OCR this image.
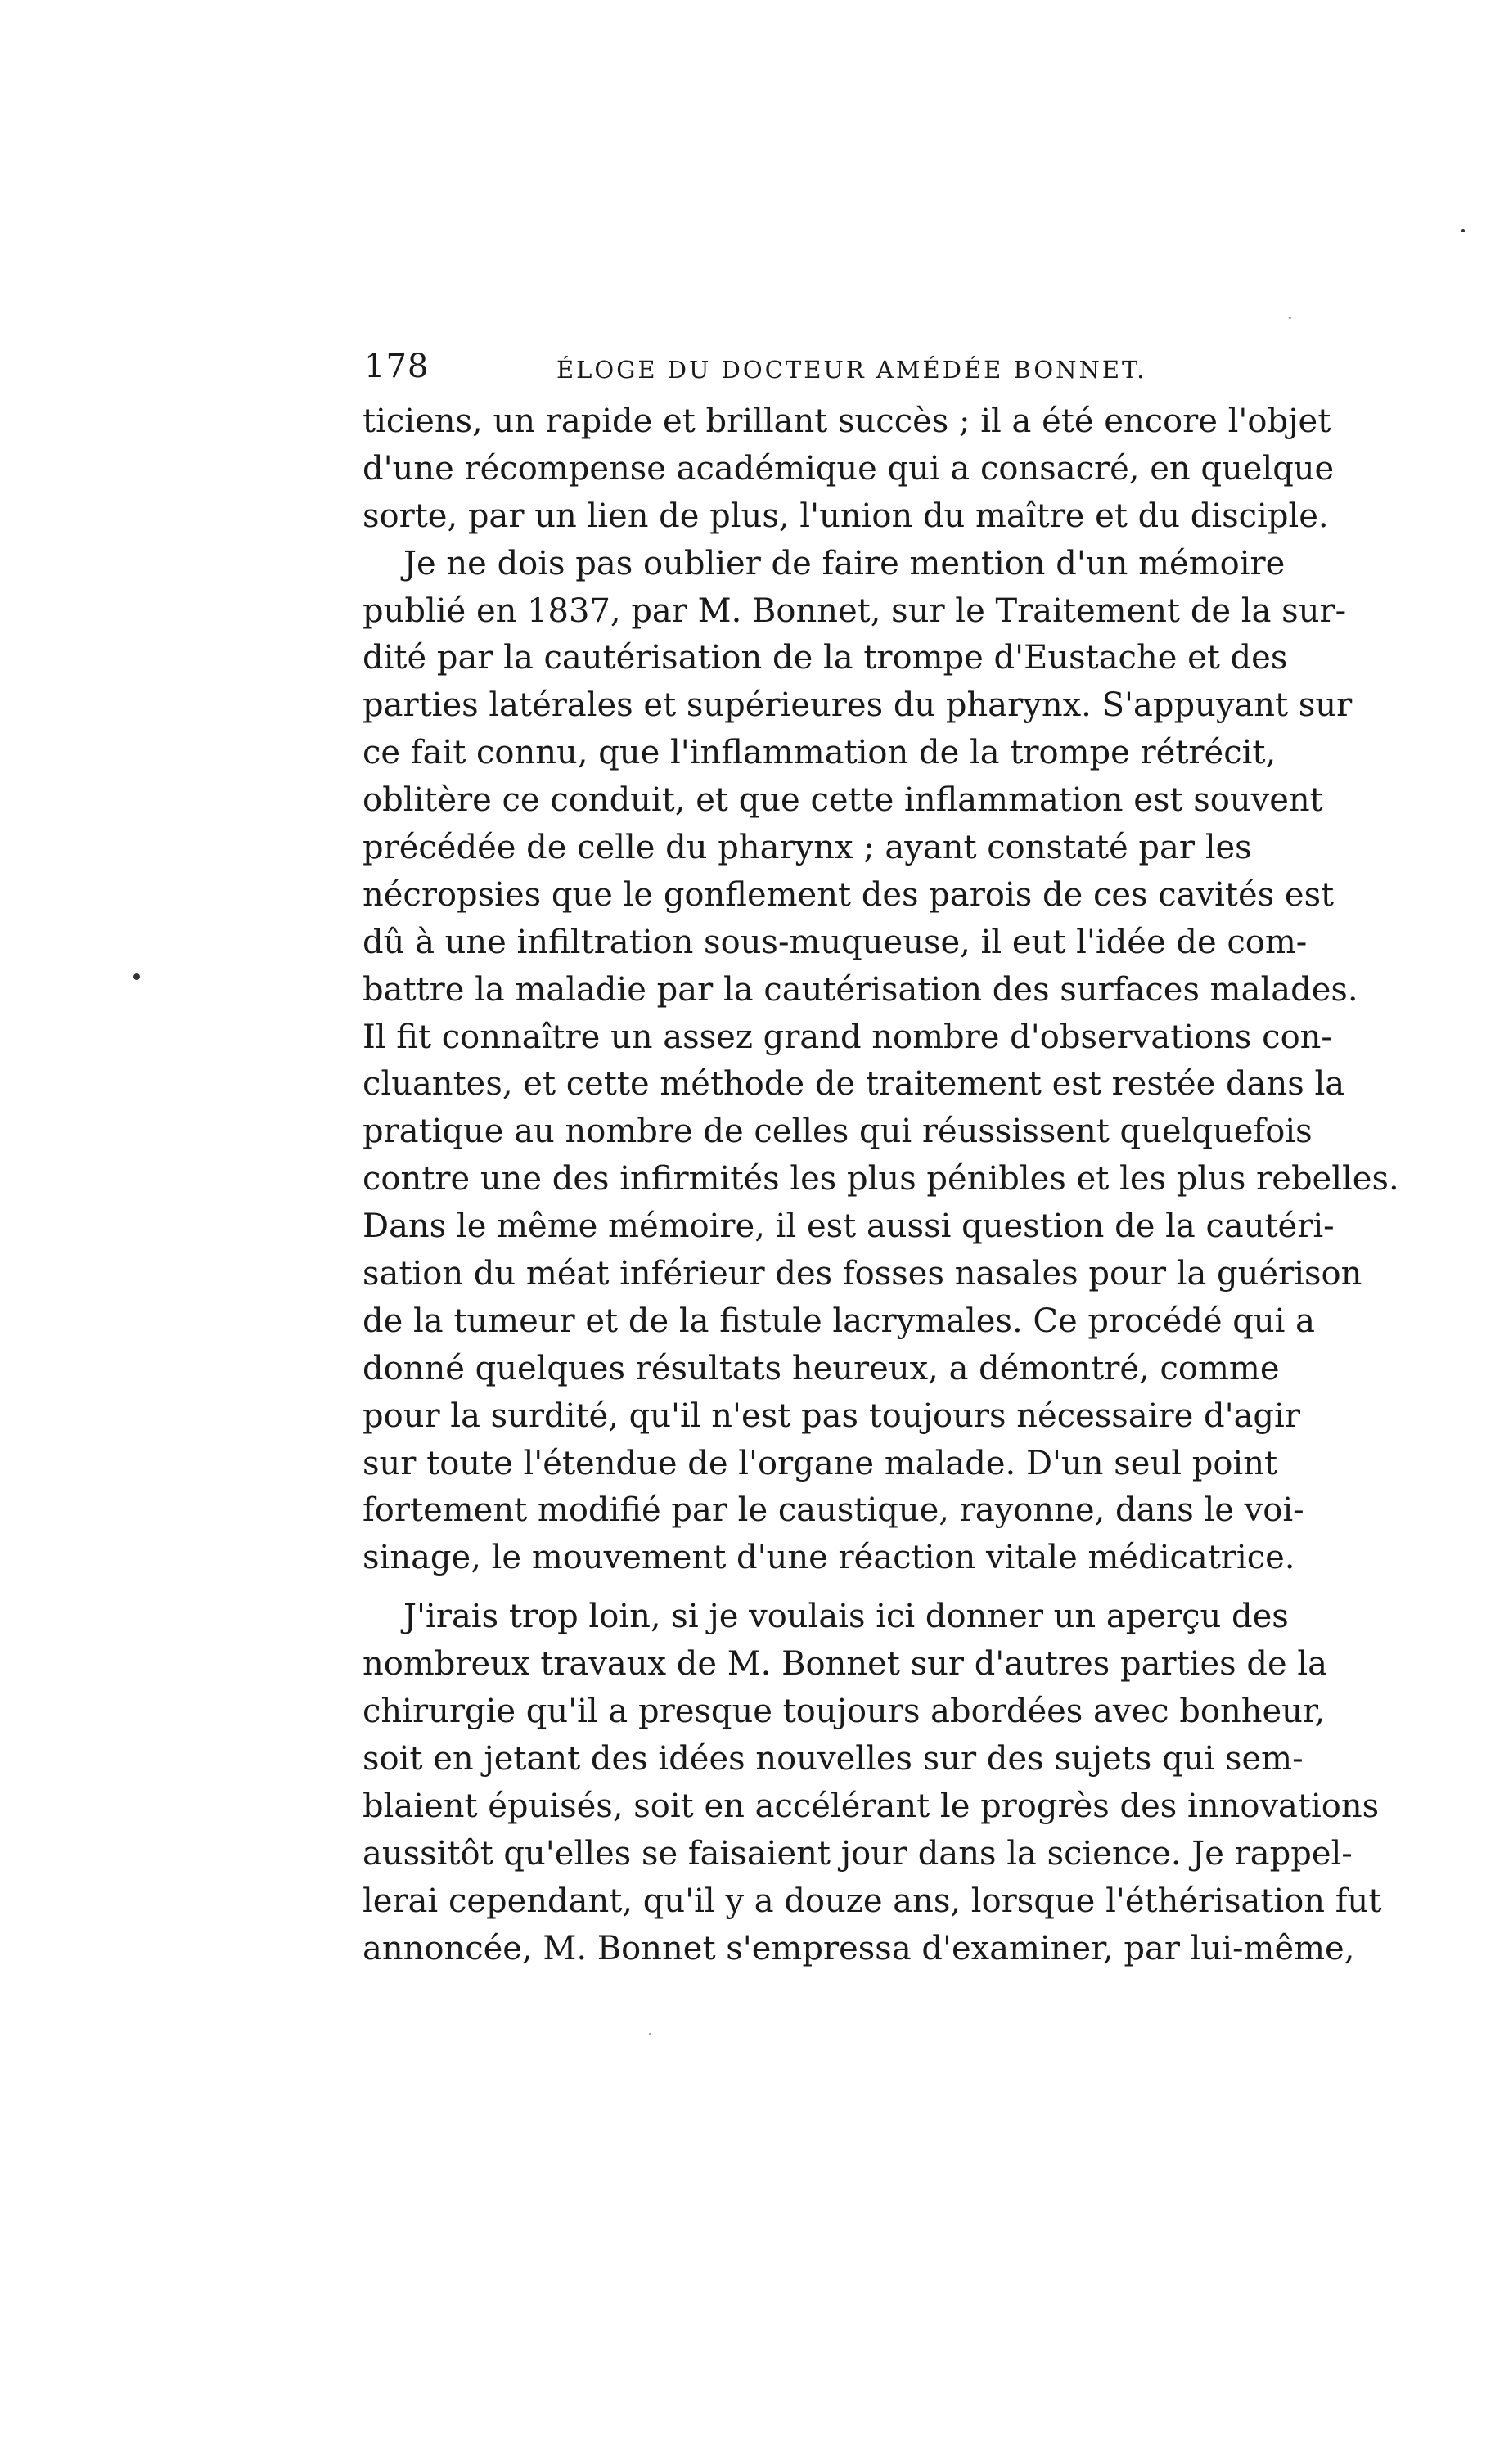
178	ÉLOGE DU DOCTEUR AMÉDÉE BONNET.
ticiens, un rapide et brillant succès ; il a été encore l'objet
d'une récompense académique qui a consacré, en quelque
sorte, par un lien de plus, l'union du maître et du disciple.
Je ne dois pas oublier de faire mention d'un mémoire
publié en 1837, par M. Bonnet, sur le Traitement de la sur-
dité par la cautérisation de la trompe d'Eustache et des
parties latérales et supérieures du pharynx. S'appuyant sur
ce fait connu, que l'inflammation de la trompe rétrécit,
oblitère ce conduit, et que cette inflammation est souvent
précédée de celle du pharynx ; ayant constaté par les
nécropsies que le gonflement des parois de ces cavités est
dû à une infiltration sous-muqueuse, il eut l'idée de com-
battre la maladie par la cautérisation des surfaces malades.
Il fit connaître un assez grand nombre d'observations con-
cluantes, et cette méthode de traitement est restée dans la
pratique au nombre de celles qui réussissent quelquefois
contre une des infirmités les plus pénibles et les plus rebelles.
Dans le même mémoire, il est aussi question de la cautéri-
sation du méat inférieur des fosses nasales pour la guérison
de la tumeur et de la fistule lacrymales. Ce procédé qui a
donné quelques résultats heureux, a démontré, comme
pour la surdité, qu'il n'est pas toujours nécessaire d'agir
sur toute l'étendue de l'organe malade. D'un seul point
fortement modifié par le caustique, rayonne, dans le voi-
sinage, le mouvement d'une réaction vitale médicatrice.
J'irais trop loin, si je voulais ici donner un aperçu des
nombreux travaux de M. Bonnet sur d'autres parties de la
chirurgie qu'il a presque toujours abordées avec bonheur,
soit en jetant des idées nouvelles sur des sujets qui sem-
blaient épuisés, soit en accélérant le progrès des innovations
aussitôt qu'elles se faisaient jour dans la science. Je rappel-
lerai cependant, qu'il y a douze ans, lorsque l'éthérisation fut
annoncée, M. Bonnet s'empressa d'examiner, par lui-même,
